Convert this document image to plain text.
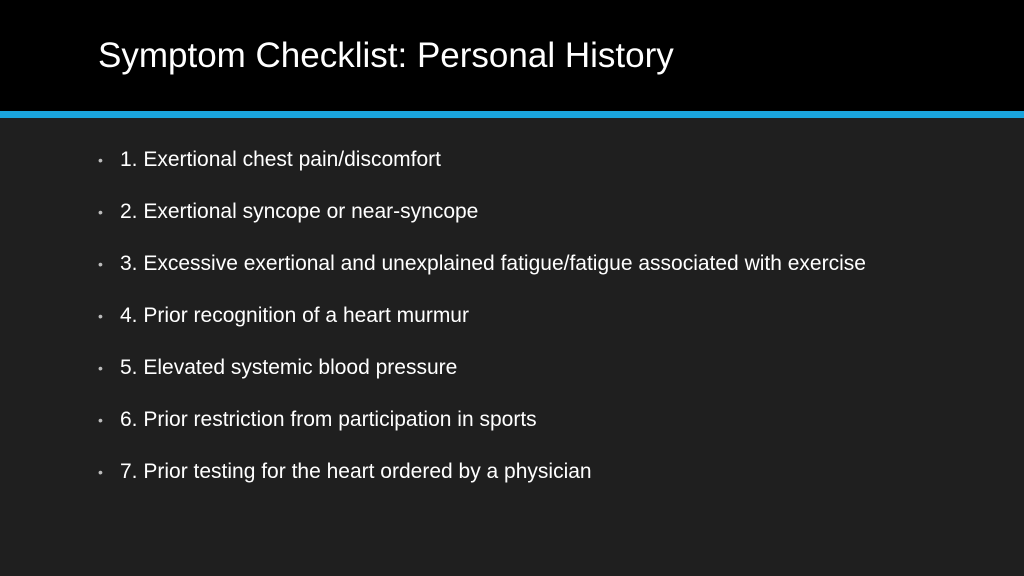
Symptom Checklist: Personal History
• 1. Exertional chest pain/discomfort
• 2. Exertional syncope or near-syncope
• 3. Excessive exertional and unexplained fatigue/fatigue associated with exercise
• 4. Prior recognition of a heart murmur
• 5. Elevated systemic blood pressure
• 6. Prior restriction from participation in sports
• 7. Prior testing for the heart ordered by a physician
